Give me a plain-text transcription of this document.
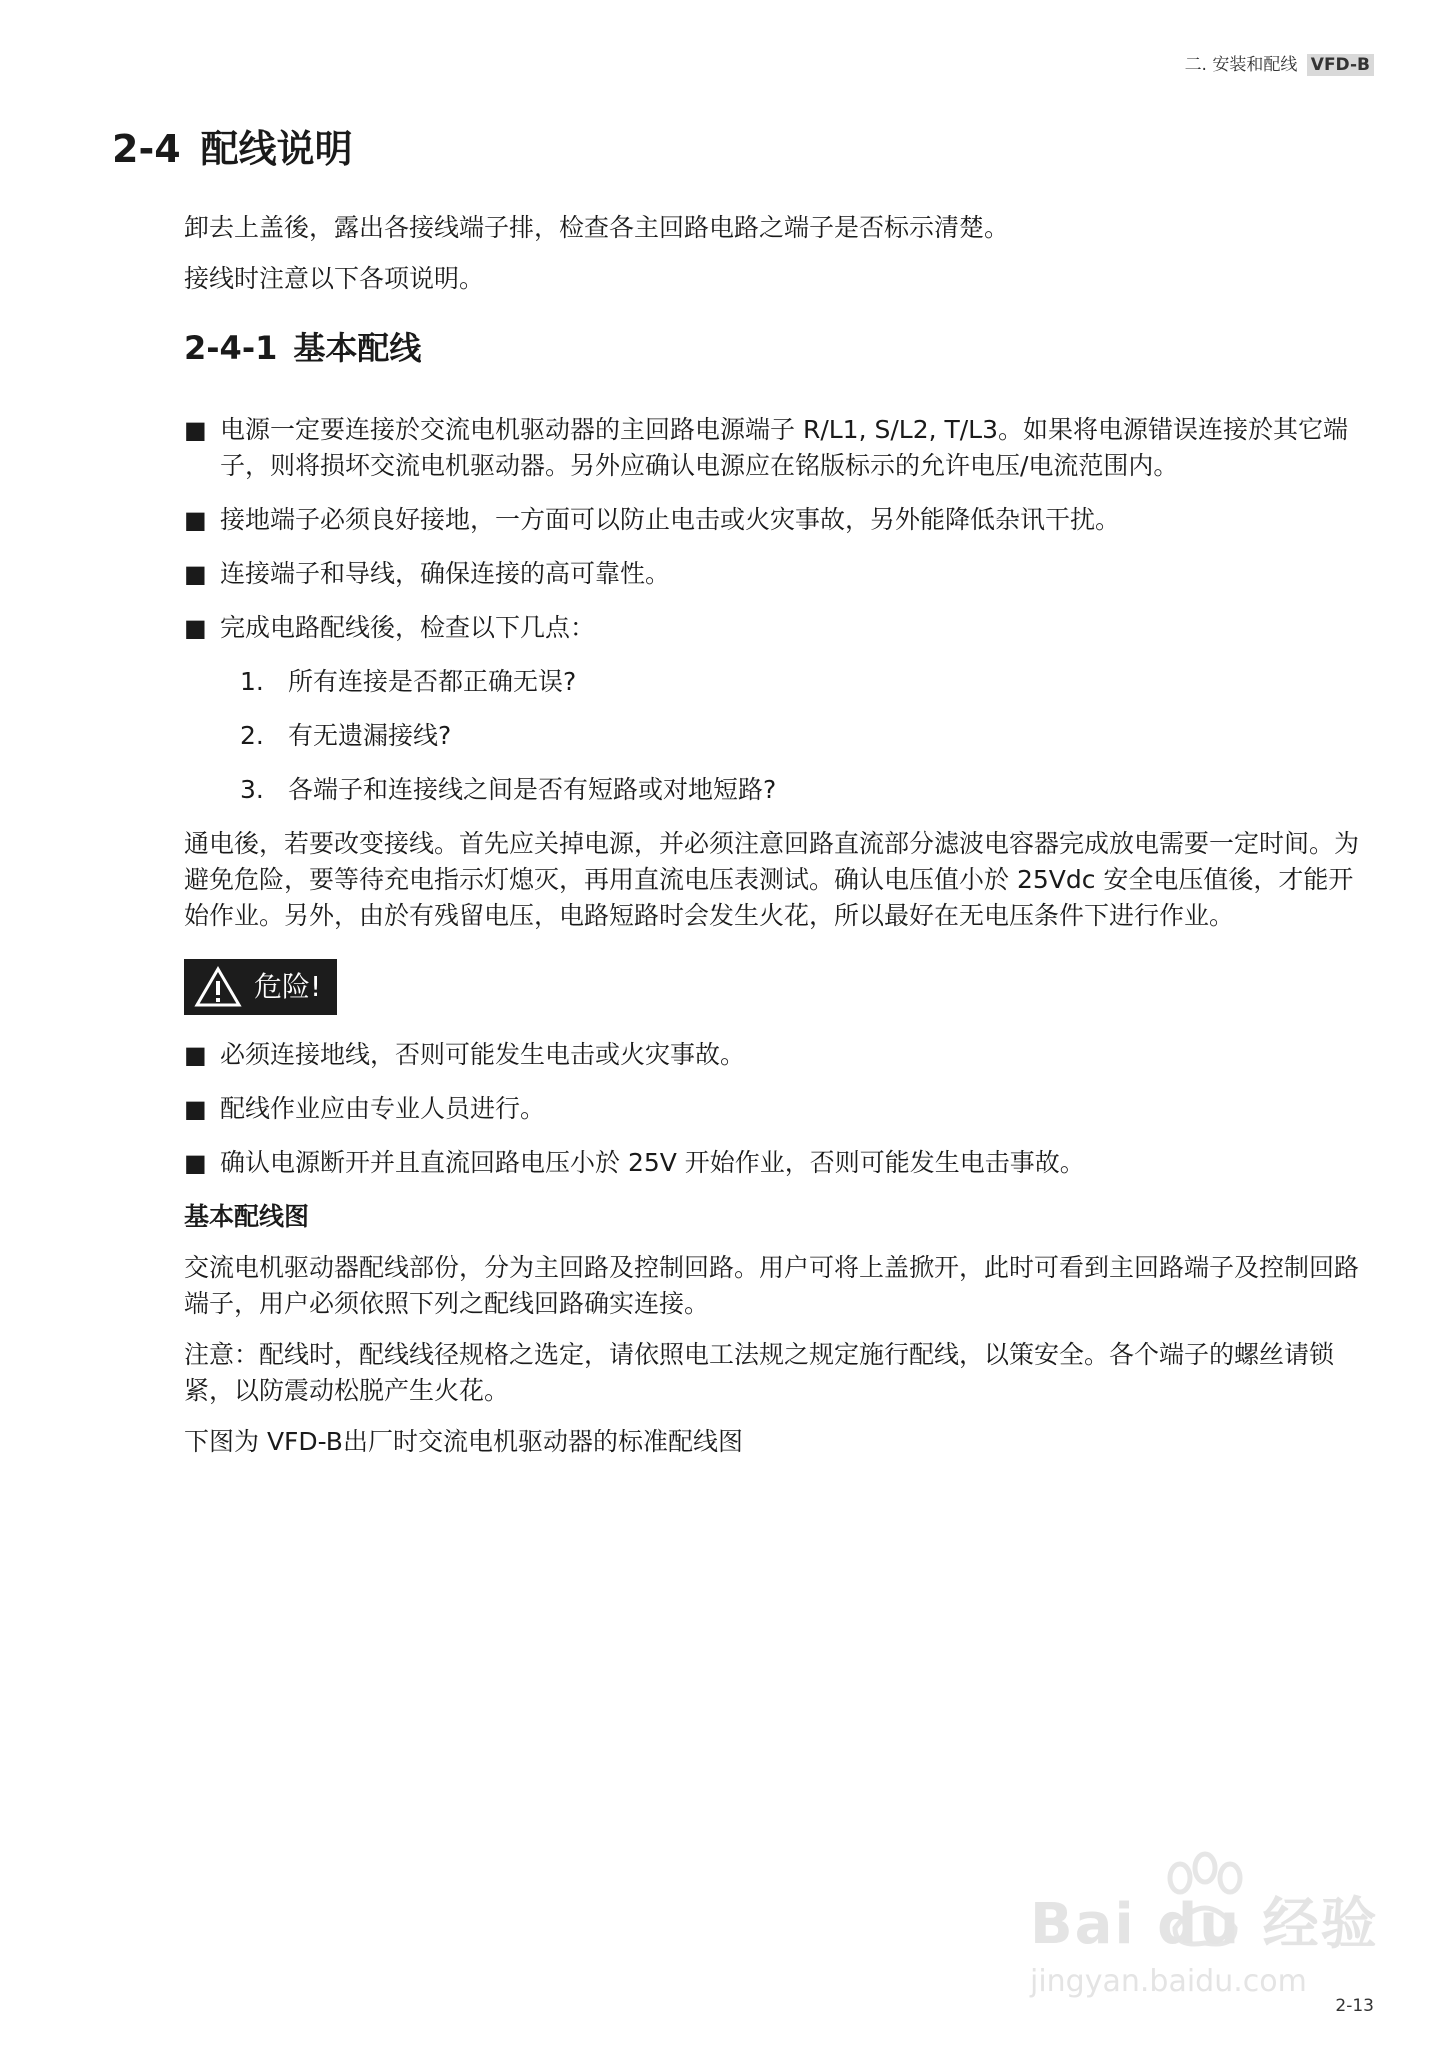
二. 安装和配线 VFD-B
2-4 配线说明

卸去上盖後，露出各接线端子排，检查各主回路电路之端子是否标示清楚。

接线时注意以下各项说明。

2-4-1 基本配线
■ 电源一定要连接於交流电机驱动器的主回路电源端子 R/L1, S/L2, T/L3。如果将电源错误连接於其它端子，则将损坏交流电机驱动器。另外应确认电源应在铭版标示的允许电压/电流范围内。
■ 接地端子必须良好接地，一方面可以防止电击或火灾事故，另外能降低杂讯干扰。
■ 连接端子和导线，确保连接的高可靠性。
■ 完成电路配线後，检查以下几点：
1. 所有连接是否都正确无误?
2. 有无遗漏接线?
3. 各端子和连接线之间是否有短路或对地短路?

通电後，若要改变接线。首先应关掉电源，并必须注意回路直流部分滤波电容器完成放电需要一定时间。为避免危险，要等待充电指示灯熄灭，再用直流电压表测试。确认电压值小於 25Vdc 安全电压值後，才能开始作业。另外，由於有残留电压，电路短路时会发生火花，所以最好在无电压条件下进行作业。

危险!
■ 必须连接地线，否则可能发生电击或火灾事故。
■ 配线作业应由专业人员进行。
■ 确认电源断开并且直流回路电压小於 25V 开始作业，否则可能发生电击事故。

基本配线图

交流电机驱动器配线部份，分为主回路及控制回路。用户可将上盖掀开，此时可看到主回路端子及控制回路端子，用户必须依照下列之配线回路确实连接。

注意：配线时，配线线径规格之选定，请依照电工法规之规定施行配线，以策安全。各个端子的螺丝请锁紧，以防震动松脱产生火花。

下图为 VFD-B出厂时交流电机驱动器的标准配线图

Bai du 经验
jingyan.baidu.com
2-13
